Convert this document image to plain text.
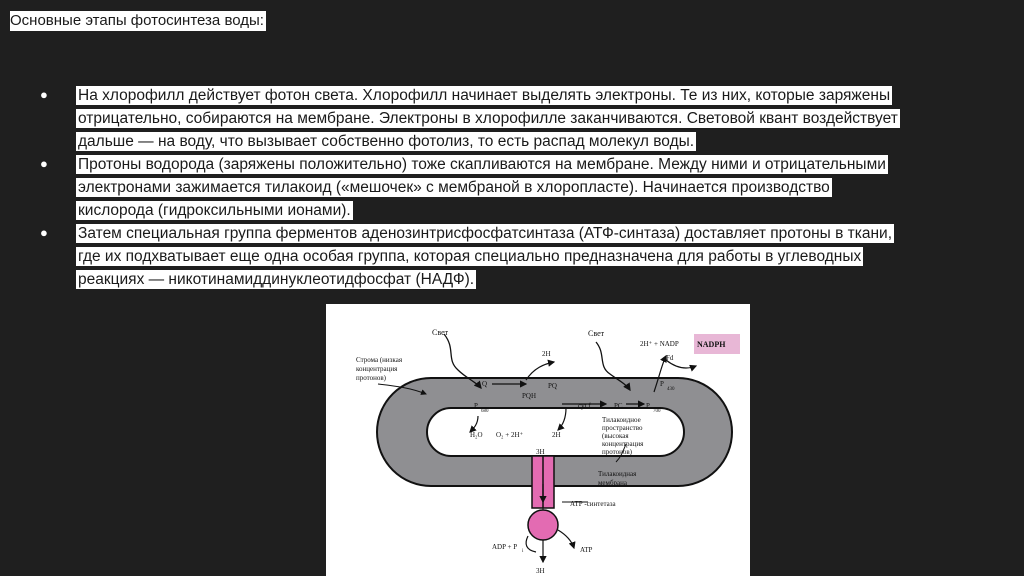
Основные этапы фотосинтеза воды:
● На хлорофилл действует фотон света. Хлорофилл начинает выделять электроны. Те из них, которые заряжены
отрицательно, собираются на мембране. Электроны в хлорофилле заканчиваются. Световой квант воздействует
дальше — на воду, что вызывает собственно фотолиз, то есть распад молекул воды.
● Протоны водорода (заряжены положительно) тоже скапливаются на мембране. Между ними и отрицательными
электронами зажимается тилакоид («мешочек» с мембраной в хлоропласте). Начинается производство
кислорода (гидроксильными ионами).
● Затем специальная группа ферментов аденозинтрисфосфатсинтаза (АТФ-синтаза) доставляет протоны в ткани,
где их подхватывает еще одна особая группа, которая специально предназначена для работы в углеводных
реакциях — никотинамиддинуклеотидфосфат (НАДФ).
Свет	Свет
Строма (низкая
концентрация
протонов)
2H
Q
PQH
PQ
P
680
cyt f	PC	P
700
P
430
Fd
2H⁺ + NADP NADPH
H₂O O₂ + 2H⁺	2H
Тилакоидное
пространство
(высокая
концентрация
протонов)
Тилакоидная
мембрана
3H
АТР -синтетаза
ADP + P
i	ATP
3H
